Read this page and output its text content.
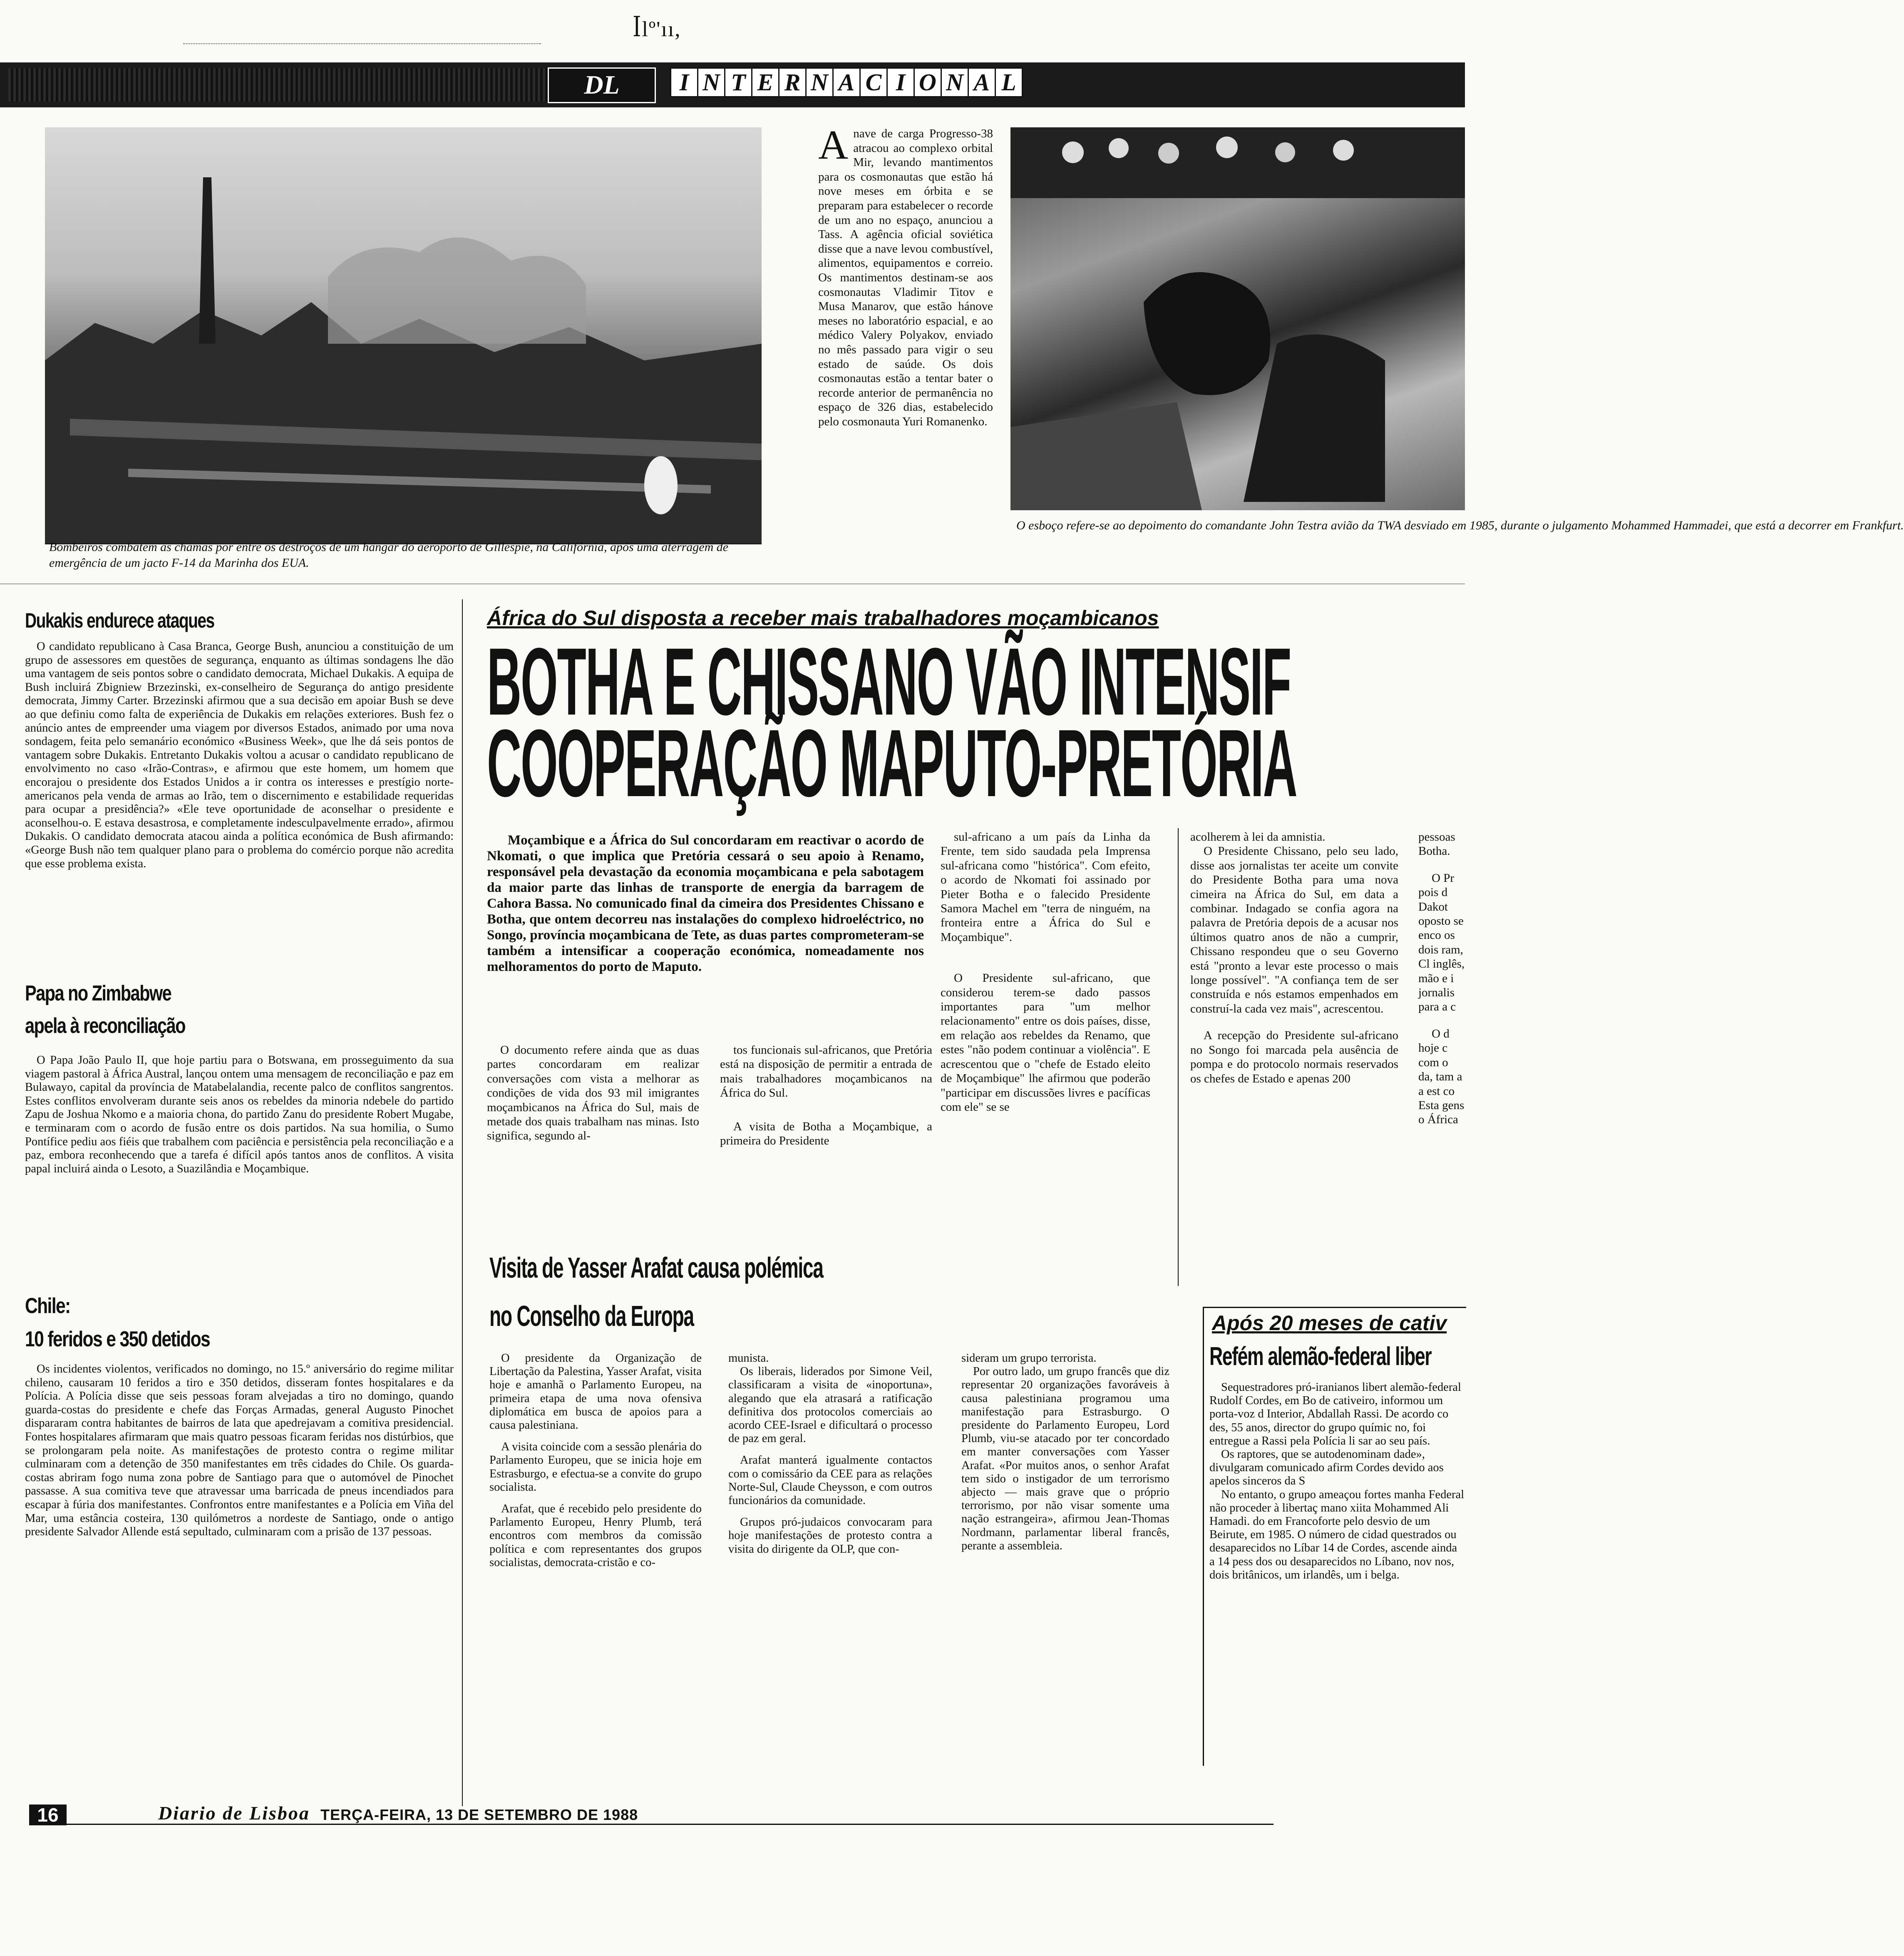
ꟾlº'ıı,
DL	I N T E R N A C I O N A L
Bombeiros combatem as chamas por entre os destroços de um hangar do aeroporto de Gillespie, na Califórnia, após uma aterragem de emergência de um jacto F-14 da Marinha dos EUA.
Anave de carga Progresso-38 atracou ao complexo orbital Mir, levando mantimentos para os cosmonautas que estão há nove meses em órbita e se preparam para estabelecer o recorde de um ano no espaço, anunciou a Tass. A agência oficial soviética disse que a nave levou combustível, alimentos, equipamentos e correio. Os mantimentos destinam-se aos cosmonautas Vladimir Titov e Musa Manarov, que estão hánove meses no laboratório espacial, e ao médico Valery Polyakov, enviado no mês passado para vigir o seu estado de saúde. Os dois cosmonautas estão a tentar bater o recorde anterior de permanência no espaço de 326 dias, estabelecido pelo cosmonauta Yuri Romanenko.
O esboço refere-se ao depoimento do comandante John Testra avião da TWA desviado em 1985, durante o julgamento Mohammed Hammadei, que está a decorrer em Frankfurt.
Dukakis endurece ataques

O candidato republicano à Casa Branca, George Bush, anunciou a constituição de um grupo de assessores em questões de segurança, enquanto as últimas sondagens lhe dão uma vantagem de seis pontos sobre o candidato democrata, Michael Dukakis. A equipa de Bush incluirá Zbigniew Brzezinski, ex-conselheiro de Segurança do antigo presidente democrata, Jimmy Carter. Brzezinski afirmou que a sua decisão em apoiar Bush se deve ao que definiu como falta de experiência de Dukakis em relações exteriores. Bush fez o anúncio antes de empreender uma viagem por diversos Estados, animado por uma nova sondagem, feita pelo semanário económico «Business Week», que lhe dá seis pontos de vantagem sobre Dukakis. Entretanto Dukakis voltou a acusar o candidato republicano de envolvimento no caso «Irão-Contras», e afirmou que este homem, um homem que encorajou o presidente dos Estados Unidos a ir contra os interesses e prestígio norte-americanos pela venda de armas ao Irão, tem o discernimento e estabilidade requeridas para ocupar a presidência?» «Ele teve oportunidade de aconselhar o presidente e aconselhou-o. E estava desastrosa, e completamente indesculpavelmente errado», afirmou Dukakis. O candidato democrata atacou ainda a política económica de Bush afirmando: «George Bush não tem qualquer plano para o problema do comércio porque não acredita que esse problema exista.

Papa no Zimbabwe
apela à reconciliação

O Papa João Paulo II, que hoje partiu para o Botswana, em prosseguimento da sua viagem pastoral à África Austral, lançou ontem uma mensagem de reconciliação e paz em Bulawayo, capital da província de Matabelalandia, recente palco de conflitos sangrentos. Estes conflitos envolveram durante seis anos os rebeldes da minoria ndebele do partido Zapu de Joshua Nkomo e a maioria chona, do partido Zanu do presidente Robert Mugabe, e terminaram com o acordo de fusão entre os dois partidos. Na sua homilia, o Sumo Pontífice pediu aos fiéis que trabalhem com paciência e persistência pela reconciliação e a paz, embora reconhecendo que a tarefa é difícil após tantos anos de conflitos. A visita papal incluirá ainda o Lesoto, a Suazilândia e Moçambique.

Chile:
10 feridos e 350 detidos

Os incidentes violentos, verificados no domingo, no 15.º aniversário do regime militar chileno, causaram 10 feridos a tiro e 350 detidos, disseram fontes hospitalares e da Polícia. A Polícia disse que seis pessoas foram alvejadas a tiro no domingo, quando guarda-costas do presidente e chefe das Forças Armadas, general Augusto Pinochet dispararam contra habitantes de bairros de lata que apedrejavam a comitiva presidencial. Fontes hospitalares afirmaram que mais quatro pessoas ficaram feridas nos distúrbios, que se prolongaram pela noite. As manifestações de protesto contra o regime militar culminaram com a detenção de 350 manifestantes em três cidades do Chile. Os guarda-costas abriram fogo numa zona pobre de Santiago para que o automóvel de Pinochet passasse. A sua comitiva teve que atravessar uma barricada de pneus incendiados para escapar à fúria dos manifestantes. Confrontos entre manifestantes e a Polícia em Viña del Mar, uma estância costeira, 130 quilómetros a nordeste de Santiago, onde o antigo presidente Salvador Allende está sepultado, culminaram com a prisão de 137 pessoas.

África do Sul disposta a receber mais trabalhadores moçambicanos
BOTHA E CHISSANO VÃO INTENSIF
COOPERAÇÃO MAPUTO-PRETÓRIA

Moçambique e a África do Sul concordaram em reactivar o acordo de Nkomati, o que implica que Pretória cessará o seu apoio à Renamo, responsável pela devastação da economia moçambicana e pela sabotagem da maior parte das linhas de transporte de energia da barragem de Cahora Bassa. No comunicado final da cimeira dos Presidentes Chissano e Botha, que ontem decorreu nas instalações do complexo hidroeléctrico, no Songo, província moçambicana de Tete, as duas partes comprometeram-se também a intensificar a cooperação económica, nomeadamente nos melhoramentos do porto de Maputo.

O documento refere ainda que as duas partes concordaram em realizar conversações com vista a melhorar as condições de vida dos 93 mil imigrantes moçambicanos na África do Sul, mais de metade dos quais trabalham nas minas. Isto significa, segundo al-

tos funcionais sul-africanos, que Pretória está na disposição de permitir a entrada de mais trabalhadores moçambicanos na África do Sul.

A visita de Botha a Moçambique, a primeira do Presidente

sul-africano a um país da Linha da Frente, tem sido saudada pela Imprensa sul-africana como "histórica". Com efeito, o acordo de Nkomati foi assinado por Pieter Botha e o falecido Presidente Samora Machel em "terra de ninguém, na fronteira entre a África do Sul e Moçambique".

O Presidente sul-africano, que considerou terem-se dado passos importantes para "um melhor relacionamento" entre os dois países, disse, em relação aos rebeldes da Renamo, que estes "não podem continuar a violência". E acrescentou que o "chefe de Estado eleito de Moçambique" lhe afirmou que poderão "participar em discussões livres e pacíficas com ele" se se

acolherem à lei da amnistia.

O Presidente Chissano, pelo seu lado, disse aos jornalistas ter aceite um convite do Presidente Botha para uma nova cimeira na África do Sul, em data a combinar. Indagado se confia agora na palavra de Pretória depois de a acusar nos últimos quatro anos de não a cumprir, Chissano respondeu que o seu Governo está "pronto a levar este processo o mais longe possível". "A confiança tem de ser construída e nós estamos empenhados em construí-la cada vez mais", acrescentou.

A recepção do Presidente sul-africano no Songo foi marcada pela ausência de pompa e do protocolo normais reservados os chefes de Estado e apenas 200

pessoas Botha.

O Pr pois d Dakot oposto se enco os dois ram, Cl inglês, mão e i jornalis para a c

O d hoje c com o da, tam a a est co Esta gens o África

Visita de Yasser Arafat causa polémica
no Conselho da Europa

O presidente da Organização de Libertação da Palestina, Yasser Arafat, visita hoje e amanhã o Parlamento Europeu, na primeira etapa de uma nova ofensiva diplomática em busca de apoios para a causa palestiniana.

A visita coincide com a sessão plenária do Parlamento Europeu, que se inicia hoje em Estrasburgo, e efectua-se a convite do grupo socialista.

Arafat, que é recebido pelo presidente do Parlamento Europeu, Henry Plumb, terá encontros com membros da comissão política e com representantes dos grupos socialistas, democrata-cristão e co-

munista.

Os liberais, liderados por Simone Veil, classificaram a visita de «inoportuna», alegando que ela atrasará a ratificação definitiva dos protocolos comerciais ao acordo CEE-Israel e dificultará o processo de paz em geral.

Arafat manterá igualmente contactos com o comissário da CEE para as relações Norte-Sul, Claude Cheysson, e com outros funcionários da comunidade.

Grupos pró-judaicos convocaram para hoje manifestações de protesto contra a visita do dirigente da OLP, que con-

sideram um grupo terrorista.

Por outro lado, um grupo francês que diz representar 20 organizações favoráveis à causa palestiniana programou uma manifestação para Estrasburgo. O presidente do Parlamento Europeu, Lord Plumb, viu-se atacado por ter concordado em manter conversações com Yasser Arafat. «Por muitos anos, o senhor Arafat tem sido o instigador de um terrorismo abjecto — mais grave que o próprio terrorismo, por não visar somente uma nação estrangeira», afirmou Jean-Thomas Nordmann, parlamentar liberal francês, perante a assembleia.

Após 20 meses de cativ
Refém alemão-federal liber

Sequestradores pró-iranianos libert alemão-federal Rudolf Cordes, em Bo de cativeiro, informou um porta-voz d Interior, Abdallah Rassi. De acordo co des, 55 anos, director do grupo químic no, foi entregue a Rassi pela Polícia li sar ao seu país.

Os raptores, que se autodenominam dade», divulgaram comunicado afirm Cordes devido aos apelos sinceros da S

No entanto, o grupo ameaçou fortes manha Federal não proceder à libertaç mano xiita Mohammed Ali Hamadi. do em Francoforte pelo desvio de um Beirute, em 1985. O número de cidad questrados ou desaparecidos no Líbar 14 de Cordes, ascende ainda a 14 pess dos ou desaparecidos no Líbano, nov nos, dois britânicos, um irlandês, um i belga.

16	Diario de Lisboa TERÇA-FEIRA, 13 DE SETEMBRO DE 1988
